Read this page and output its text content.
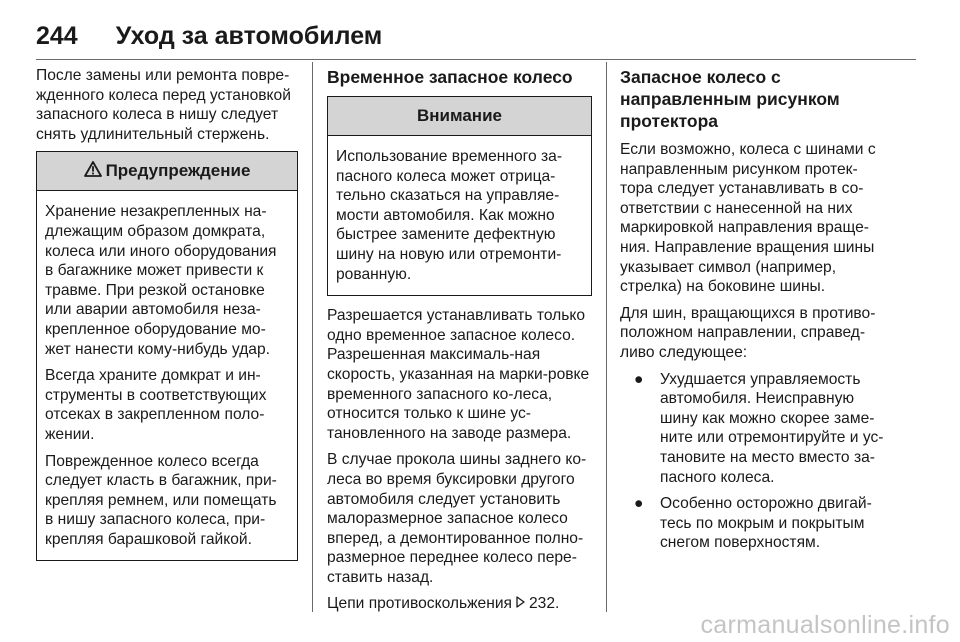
244 Уход за автомобилем

После замены или ремонта повре-жденного колеса перед установкой запасного колеса в нишу следует снять удлинительный стержень.

Предупреждение

Хранение незакрепленных на-длежащим образом домкрата, колеса или иного оборудования в багажнике может привести к травме. При резкой остановке или аварии автомобиля неза-крепленное оборудование мо-жет нанести кому-нибудь удар.

Всегда храните домкрат и ин-струменты в соответствующих отсеках в закрепленном поло-жении.

Поврежденное колесо всегда следует класть в багажник, при-крепляя ремнем, или помещать в нишу запасного колеса, при-крепляя барашковой гайкой.

Временное запасное колесо
Внимание

Использование временного за-пасного колеса может отрица-тельно сказаться на управляе-мости автомобиля. Как можно быстрее замените дефектную шину на новую или отремонти-рованную.

Разрешается устанавливать только одно временное запасное колесо. Разрешенная максималь-ная скорость, указанная на марки-ровке временного запасного ко-леса, относится только к шине ус-тановленного на заводе размера.

В случае прокола шины заднего ко-леса во время буксировки другого автомобиля следует установить малоразмерное запасное колесо вперед, а демонтированное полно-размерное переднее колесо пере-ставить назад.

Цепи противоскольжения 232.

Запасное колесо с направленным рисунком протектора

Если возможно, колеса с шинами с направленным рисунком протек-тора следует устанавливать в со-ответствии с нанесенной на них маркировкой направления враще-ния. Направление вращения шины указывает символ (например, стрелка) на боковине шины.

Для шин, вращающихся в противо-положном направлении, справед-ливо следующее:

● Ухудшается управляемость автомобиля. Неисправную шину как можно скорее заме-ните или отремонтируйте и ус-тановите на место вместо за-пасного колеса.
● Особенно осторожно двигай-тесь по мокрым и покрытым снегом поверхностям.
carmanualsonline.info
